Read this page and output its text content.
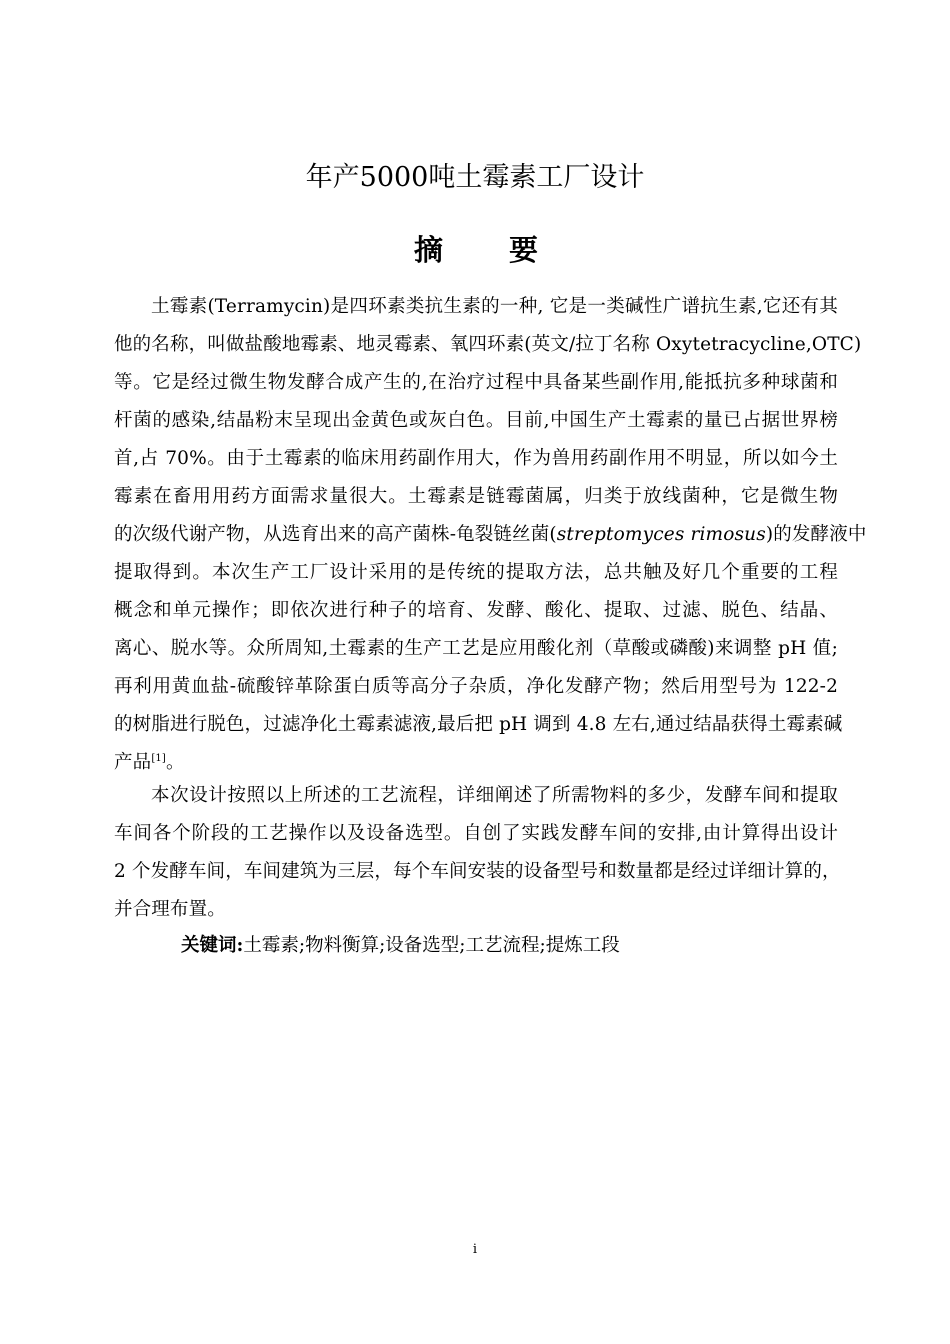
年产5000吨土霉素工厂设计
摘 要
土霉素(Terramycin)是四环素类抗生素的一种, 它是一类碱性广谱抗生素,它还有其
他的名称，叫做盐酸地霉素、地灵霉素、氧四环素(英文/拉丁名称 Oxytetracycline,OTC)
等。它是经过微生物发酵合成产生的,在治疗过程中具备某些副作用,能抵抗多种球菌和
杆菌的感染,结晶粉末呈现出金黄色或灰白色。目前,中国生产土霉素的量已占据世界榜
首,占 70%。由于土霉素的临床用药副作用大，作为兽用药副作用不明显，所以如今土
霉素在畜用用药方面需求量很大。土霉素是链霉菌属，归类于放线菌种，它是微生物
的次级代谢产物，从选育出来的高产菌株-龟裂链丝菌(streptomyces rimosus)的发酵液中
提取得到。本次生产工厂设计采用的是传统的提取方法，总共触及好几个重要的工程
概念和单元操作；即依次进行种子的培育、发酵、酸化、提取、过滤、脱色、结晶、
离心、脱水等。众所周知,土霉素的生产工艺是应用酸化剂（草酸或磷酸)来调整 pH 值;
再利用黄血盐-硫酸锌革除蛋白质等高分子杂质，净化发酵产物；然后用型号为 122-2
的树脂进行脱色，过滤净化土霉素滤液,最后把 pH 调到 4.8 左右,通过结晶获得土霉素碱
产品[1]。
本次设计按照以上所述的工艺流程，详细阐述了所需物料的多少，发酵车间和提取
车间各个阶段的工艺操作以及设备选型。自创了实践发酵车间的安排,由计算得出设计
2 个发酵车间，车间建筑为三层，每个车间安装的设备型号和数量都是经过详细计算的，
并合理布置。
关键词:土霉素;物料衡算;设备选型;工艺流程;提炼工段
i
